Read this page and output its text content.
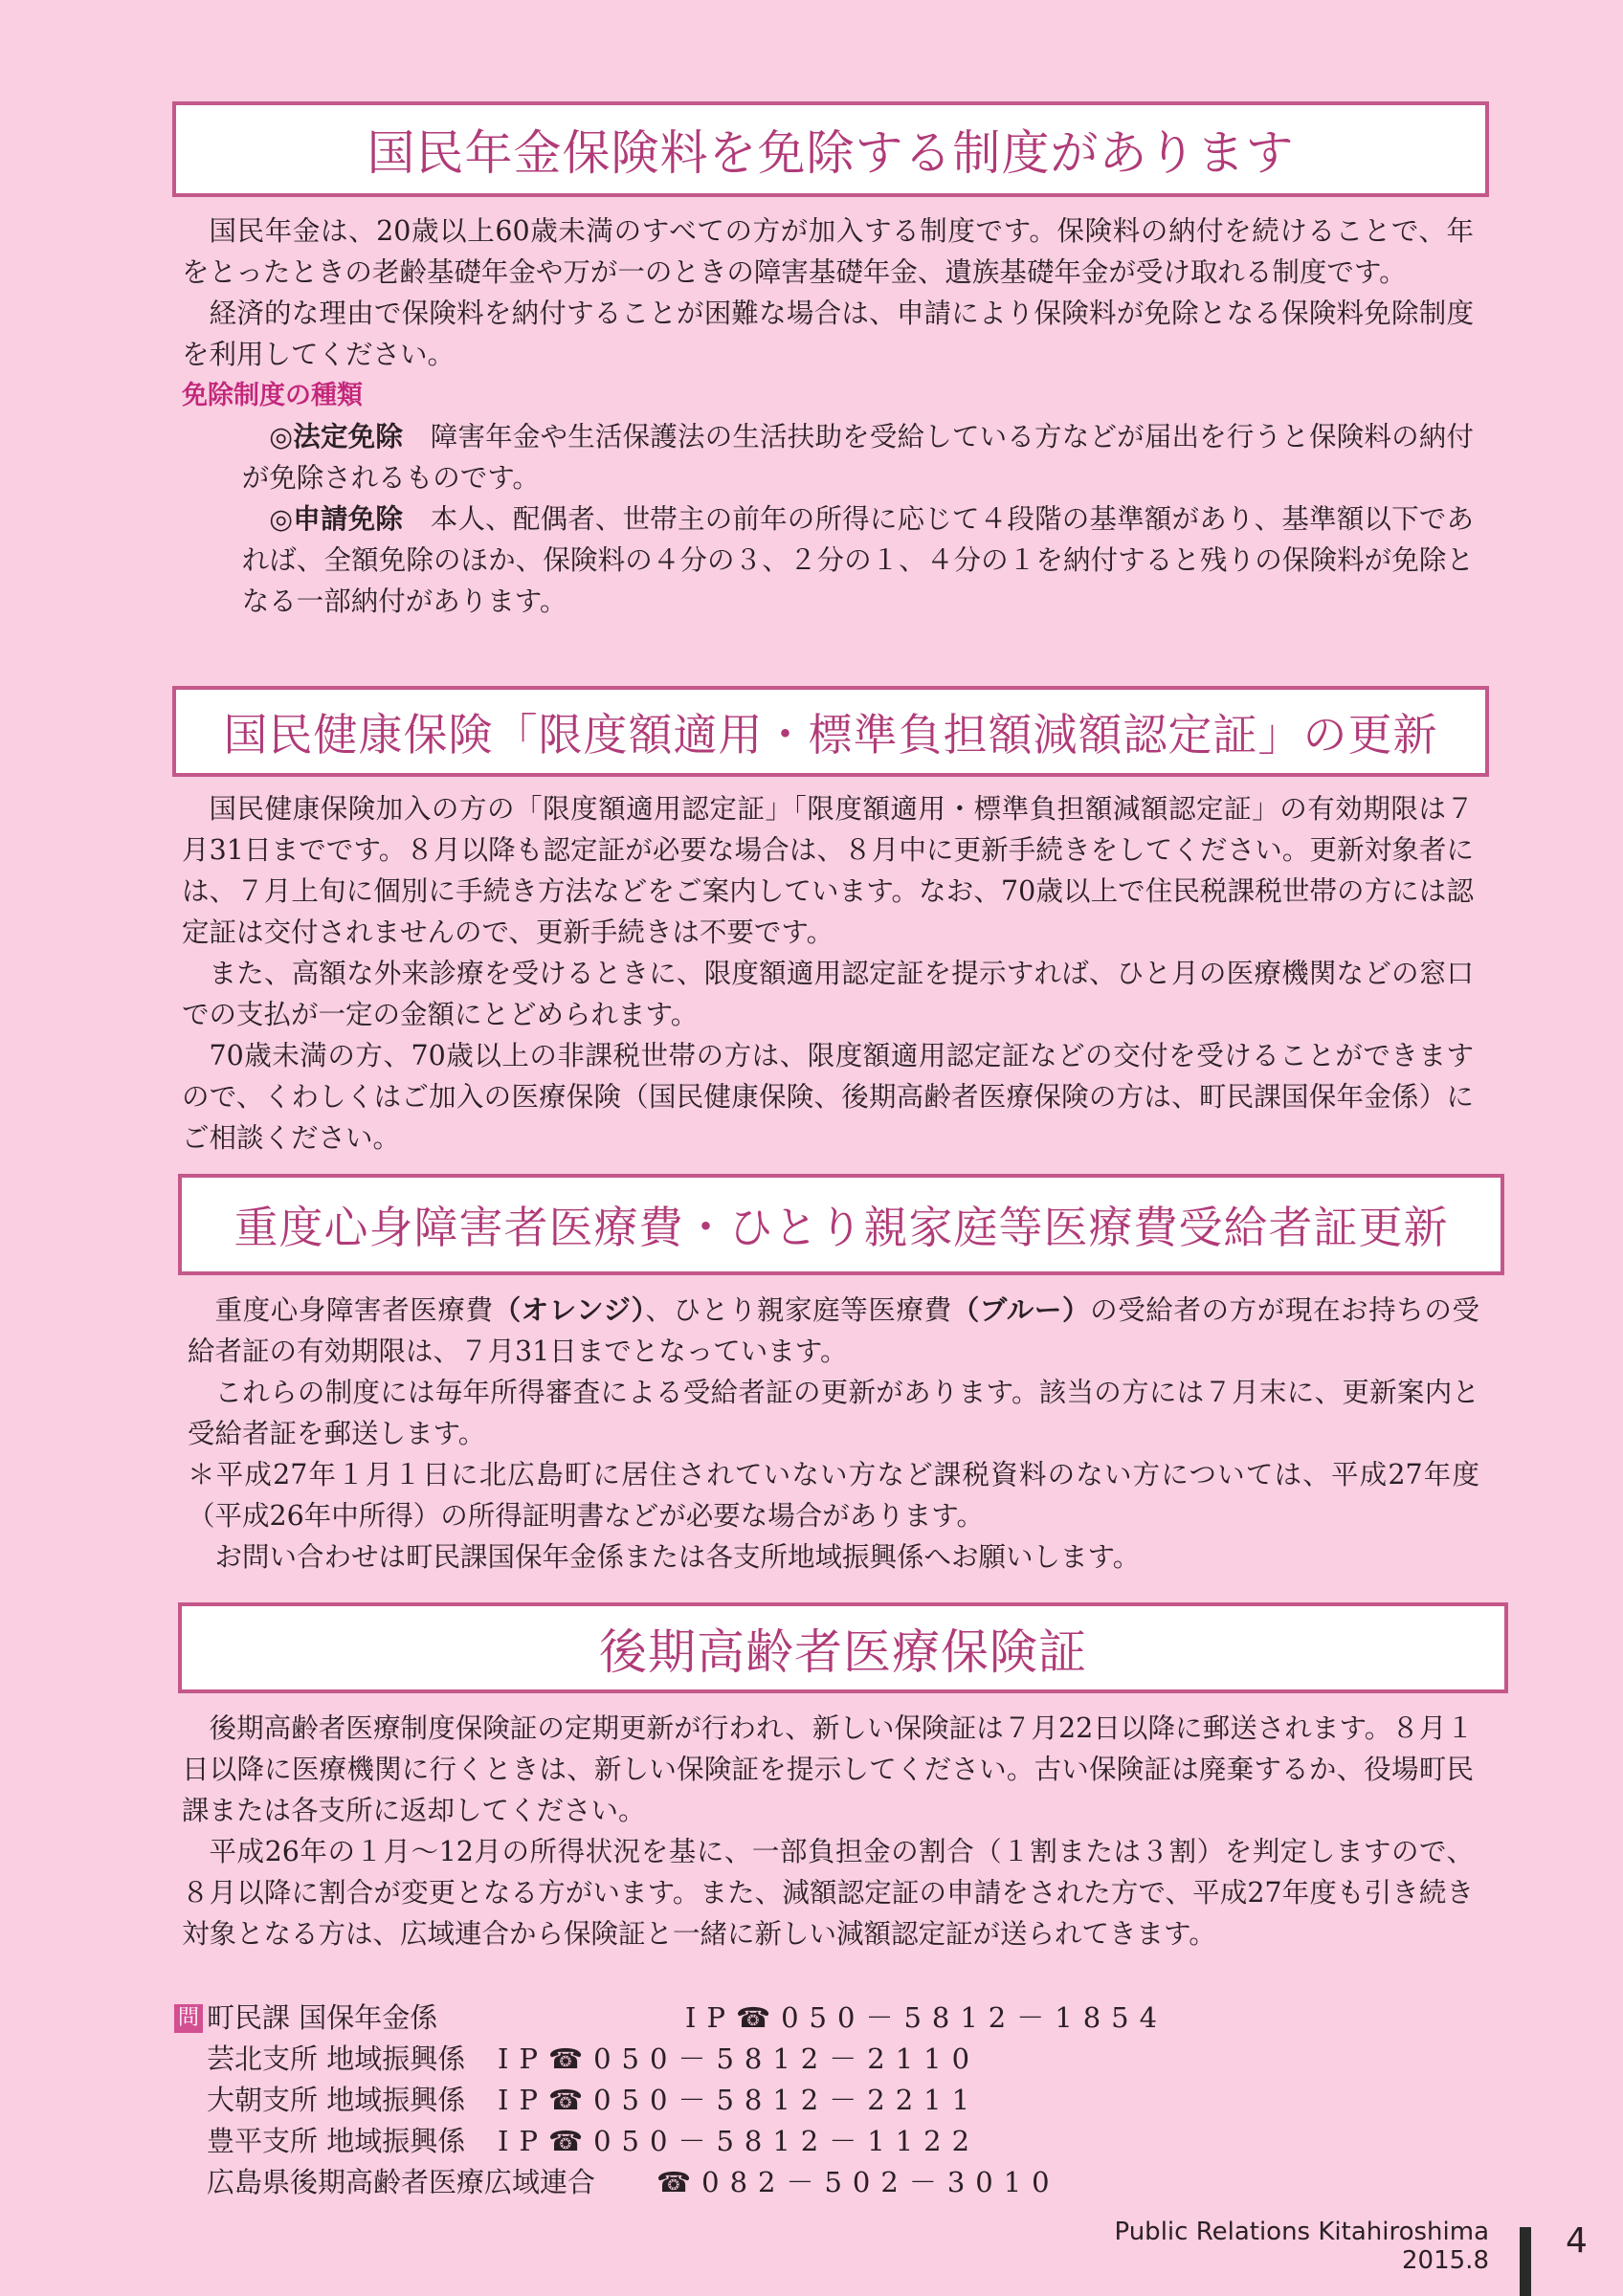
国民年金保険料を免除する制度があります

国民年金は、20歳以上60歳未満のすべての方が加入する制度です。保険料の納付を続けることで、年をとったときの老齢基礎年金や万が一のときの障害基礎年金、遺族基礎年金が受け取れる制度です。

経済的な理由で保険料を納付することが困難な場合は、申請により保険料が免除となる保険料免除制度を利用してください。

免除制度の種類

◎法定免除　障害年金や生活保護法の生活扶助を受給している方などが届出を行うと保険料の納付が免除されるものです。

◎申請免除　本人、配偶者、世帯主の前年の所得に応じて４段階の基準額があり、基準額以下であれば、全額免除のほか、保険料の４分の３、２分の１、４分の１を納付すると残りの保険料が免除となる一部納付があります。

国民健康保険「限度額適用・標準負担額減額認定証」の更新

国民健康保険加入の方の「限度額適用認定証」「限度額適用・標準負担額減額認定証」の有効期限は７月31日までです。８月以降も認定証が必要な場合は、８月中に更新手続きをしてください。更新対象者には、７月上旬に個別に手続き方法などをご案内しています。なお、70歳以上で住民税課税世帯の方には認定証は交付されませんので、更新手続きは不要です。

また、高額な外来診療を受けるときに、限度額適用認定証を提示すれば、ひと月の医療機関などの窓口での支払が一定の金額にとどめられます。

70歳未満の方、70歳以上の非課税世帯の方は、限度額適用認定証などの交付を受けることができますので、くわしくはご加入の医療保険（国民健康保険、後期高齢者医療保険の方は、町民課国保年金係）にご相談ください。

重度心身障害者医療費・ひとり親家庭等医療費受給者証更新

重度心身障害者医療費（オレンジ）、ひとり親家庭等医療費（ブルー）の受給者の方が現在お持ちの受給者証の有効期限は、７月31日までとなっています。

これらの制度には毎年所得審査による受給者証の更新があります。該当の方には７月末に、更新案内と受給者証を郵送します。

＊平成27年１月１日に北広島町に居住されていない方など課税資料のない方については、平成27年度（平成26年中所得）の所得証明書などが必要な場合があります。

お問い合わせは町民課国保年金係または各支所地域振興係へお願いします。

後期高齢者医療保険証

後期高齢者医療制度保険証の定期更新が行われ、新しい保険証は７月22日以降に郵送されます。８月１日以降に医療機関に行くときは、新しい保険証を提示してください。古い保険証は廃棄するか、役場町民課または各支所に返却してください。

平成26年の１月～12月の所得状況を基に、一部負担金の割合（１割または３割）を判定しますので、８月以降に割合が変更となる方がいます。また、減額認定証の申請をされた方で、平成27年度も引き続き対象となる方は、広域連合から保険証と一緒に新しい減額認定証が送られてきます。

問 町民課 国保年金係	IP☎050－5812－1854
芸北支所 地域振興係	IP☎050－5812－2110
大朝支所 地域振興係	IP☎050－5812－2211
豊平支所 地域振興係	IP☎050－5812－1122
広島県後期高齢者医療広域連合	☎082－502－3010
Public Relations Kitahiroshima
2015.8 4
